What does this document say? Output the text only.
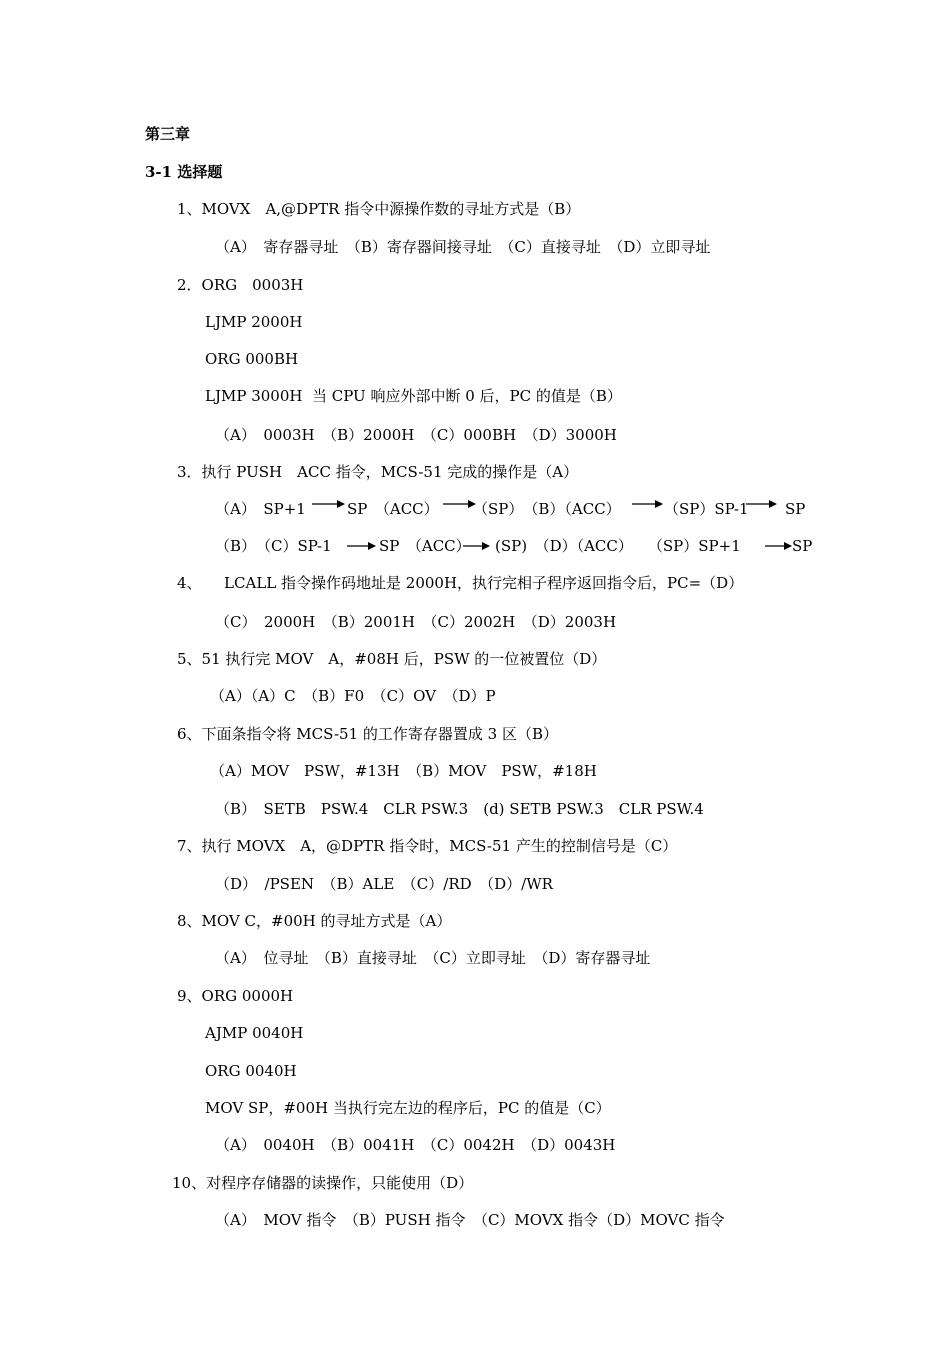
第三章
3-1 选择题
1、MOVX　A,@DPTR 指令中源操作数的寻址方式是（B）
（A）　寄存器寻址　（B）寄存器间接寻址　（C）直接寻址　（D）立即寻址
2．ORG　0003H
LJMP 2000H
ORG 000BH
LJMP 3000H  当 CPU 响应外部中断 0 后，PC 的值是（B）
（A）　0003H　（B）2000H　（C）000BH　（D）3000H
3．执行 PUSH　ACC 指令，MCS-51 完成的操作是（A）
（A）　SP+1	SP　（ACC） （SP）　（B）（ACC）	（SP）SP-1 SP
（B）　（C）SP-1	SP　（ACC） (SP)　（D）（ACC）　　（SP）SP+1	SP
4、　　LCALL 指令操作码地址是 2000H，执行完相子程序返回指令后，PC=（D）
（C）　2000H　（B）2001H　（C）2002H　（D）2003H
5、51 执行完 MOV　A，#08H 后，PSW 的一位被置位（D）
（A）（A）C　（B）F0　（C）OV　（D）P
6、下面条指令将 MCS-51 的工作寄存器置成 3 区（B）
（A）MOV　PSW，#13H　（B）MOV　PSW，#18H
（B）　SETB　PSW.4　CLR PSW.3　(d) SETB PSW.3　CLR PSW.4
7、执行 MOVX　A，@DPTR 指令时，MCS-51 产生的控制信号是（C）
（D）　/PSEN　（B）ALE　（C）/RD　（D）/WR
8、MOV C，#00H 的寻址方式是（A）
（A）　位寻址　（B）直接寻址　（C）立即寻址　（D）寄存器寻址
9、ORG 0000H
AJMP 0040H
ORG 0040H
MOV SP，#00H 当执行完左边的程序后，PC 的值是（C）
（A）　0040H　（B）0041H　（C）0042H　（D）0043H
10、对程序存储器的读操作，只能使用（D）
（A）　MOV 指令　（B）PUSH 指令　（C）MOVX 指令（D）MOVC 指令
